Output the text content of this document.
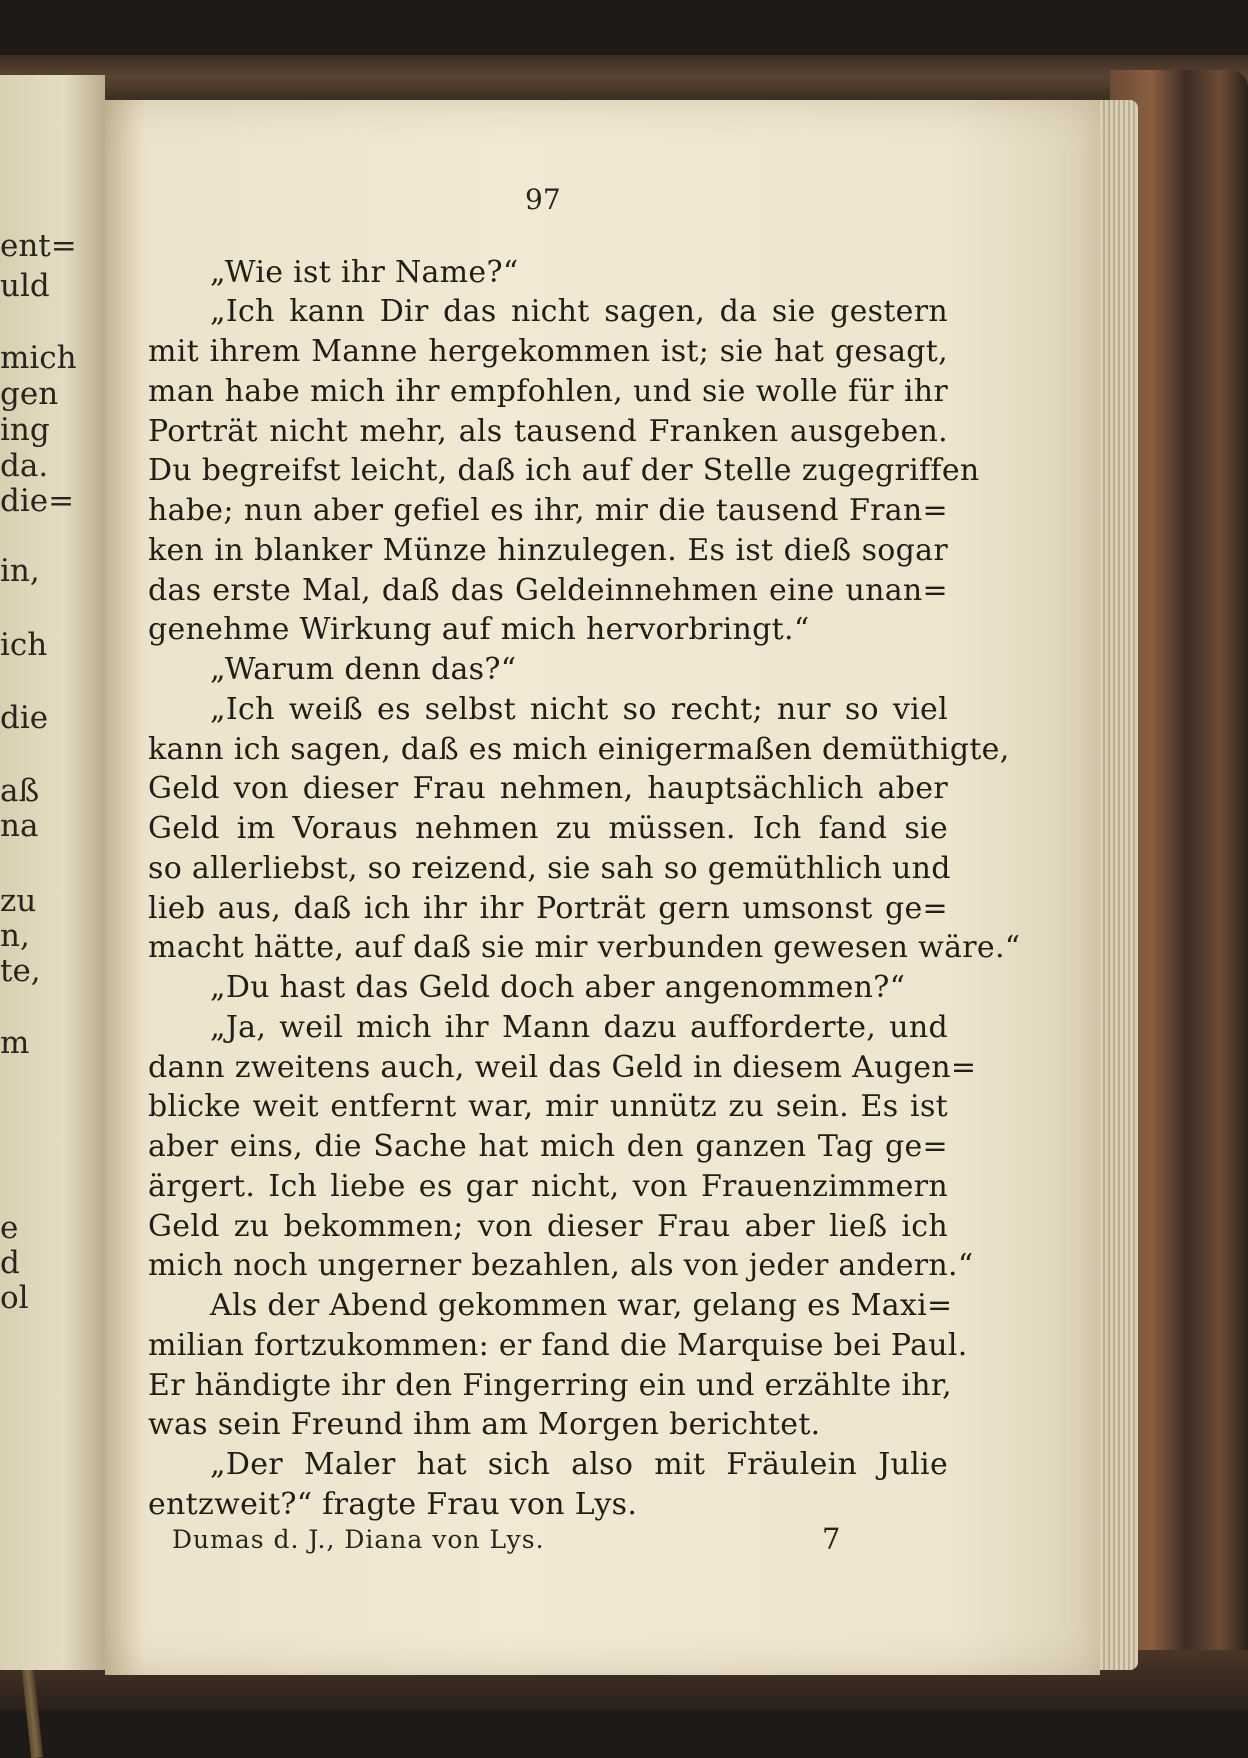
ent=
uld
mich
gen
ing
da.
die=
in,
ich
die
aß
na
zu
n,
te,
m
e
d
ol
97
„Wie ist ihr Name?“
„Ich kann Dir das nicht sagen, da sie gestern
mit ihrem Manne hergekommen ist; sie hat gesagt,
man habe mich ihr empfohlen, und sie wolle für ihr
Porträt nicht mehr, als tausend Franken ausgeben.
Du begreifst leicht, daß ich auf der Stelle zugegriffen
habe; nun aber gefiel es ihr, mir die tausend Fran=
ken in blanker Münze hinzulegen. Es ist dieß sogar
das erste Mal, daß das Geldeinnehmen eine unan=
genehme Wirkung auf mich hervorbringt.“
„Warum denn das?“
„Ich weiß es selbst nicht so recht; nur so viel
kann ich sagen, daß es mich einigermaßen demüthigte,
Geld von dieser Frau nehmen, hauptsächlich aber
Geld im Voraus nehmen zu müssen. Ich fand sie
so allerliebst, so reizend, sie sah so gemüthlich und
lieb aus, daß ich ihr ihr Porträt gern umsonst ge=
macht hätte, auf daß sie mir verbunden gewesen wäre.“
„Du hast das Geld doch aber angenommen?“
„Ja, weil mich ihr Mann dazu aufforderte, und
dann zweitens auch, weil das Geld in diesem Augen=
blicke weit entfernt war, mir unnütz zu sein. Es ist
aber eins, die Sache hat mich den ganzen Tag ge=
ärgert. Ich liebe es gar nicht, von Frauenzimmern
Geld zu bekommen; von dieser Frau aber ließ ich
mich noch ungerner bezahlen, als von jeder andern.“
Als der Abend gekommen war, gelang es Maxi=
milian fortzukommen: er fand die Marquise bei Paul.
Er händigte ihr den Fingerring ein und erzählte ihr,
was sein Freund ihm am Morgen berichtet.
„Der Maler hat sich also mit Fräulein Julie
entzweit?“ fragte Frau von Lys.
Dumas d. J., Diana von Lys.	7
